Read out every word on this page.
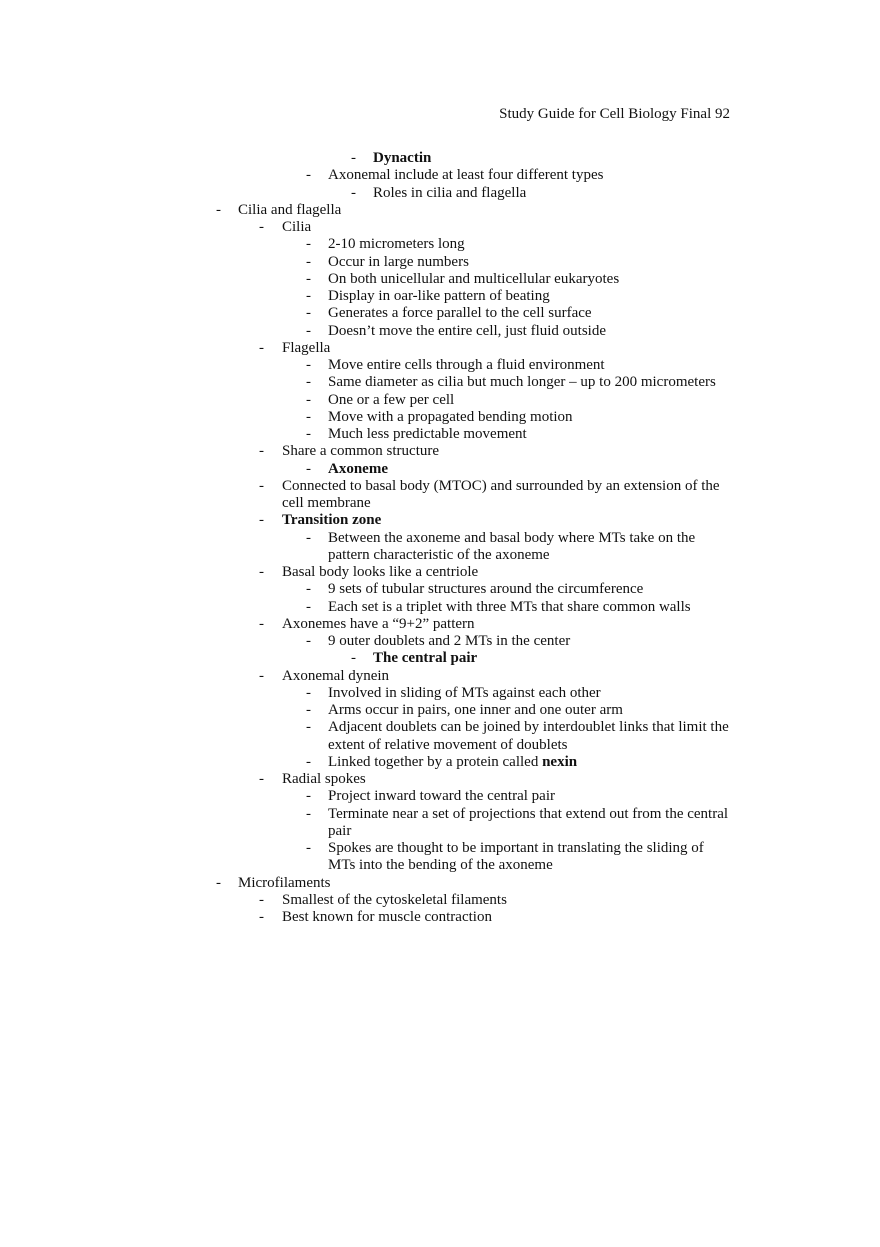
Study Guide for Cell Biology Final 92
- Dynactin
- Axonemal include at least four different types
- Roles in cilia and flagella
- Cilia and flagella
- Cilia
- 2-10 micrometers long
- Occur in large numbers
- On both unicellular and multicellular eukaryotes
- Display in oar-like pattern of beating
- Generates a force parallel to the cell surface
- Doesn’t move the entire cell, just fluid outside
- Flagella
- Move entire cells through a fluid environment
- Same diameter as cilia but much longer – up to 200 micrometers
- One or a few per cell
- Move with a propagated bending motion
- Much less predictable movement
- Share a common structure
- Axoneme
- Connected to basal body (MTOC) and surrounded by an extension of the
cell membrane
- Transition zone
- Between the axoneme and basal body where MTs take on the
pattern characteristic of the axoneme
- Basal body looks like a centriole
- 9 sets of tubular structures around the circumference
- Each set is a triplet with three MTs that share common walls
- Axonemes have a “9+2” pattern
- 9 outer doublets and 2 MTs in the center
- The central pair
- Axonemal dynein
- Involved in sliding of MTs against each other
- Arms occur in pairs, one inner and one outer arm
- Adjacent doublets can be joined by interdoublet links that limit the
extent of relative movement of doublets
- Linked together by a protein called nexin
- Radial spokes
- Project inward toward the central pair
- Terminate near a set of projections that extend out from the central
pair
- Spokes are thought to be important in translating the sliding of
MTs into the bending of the axoneme
- Microfilaments
- Smallest of the cytoskeletal filaments
- Best known for muscle contraction
